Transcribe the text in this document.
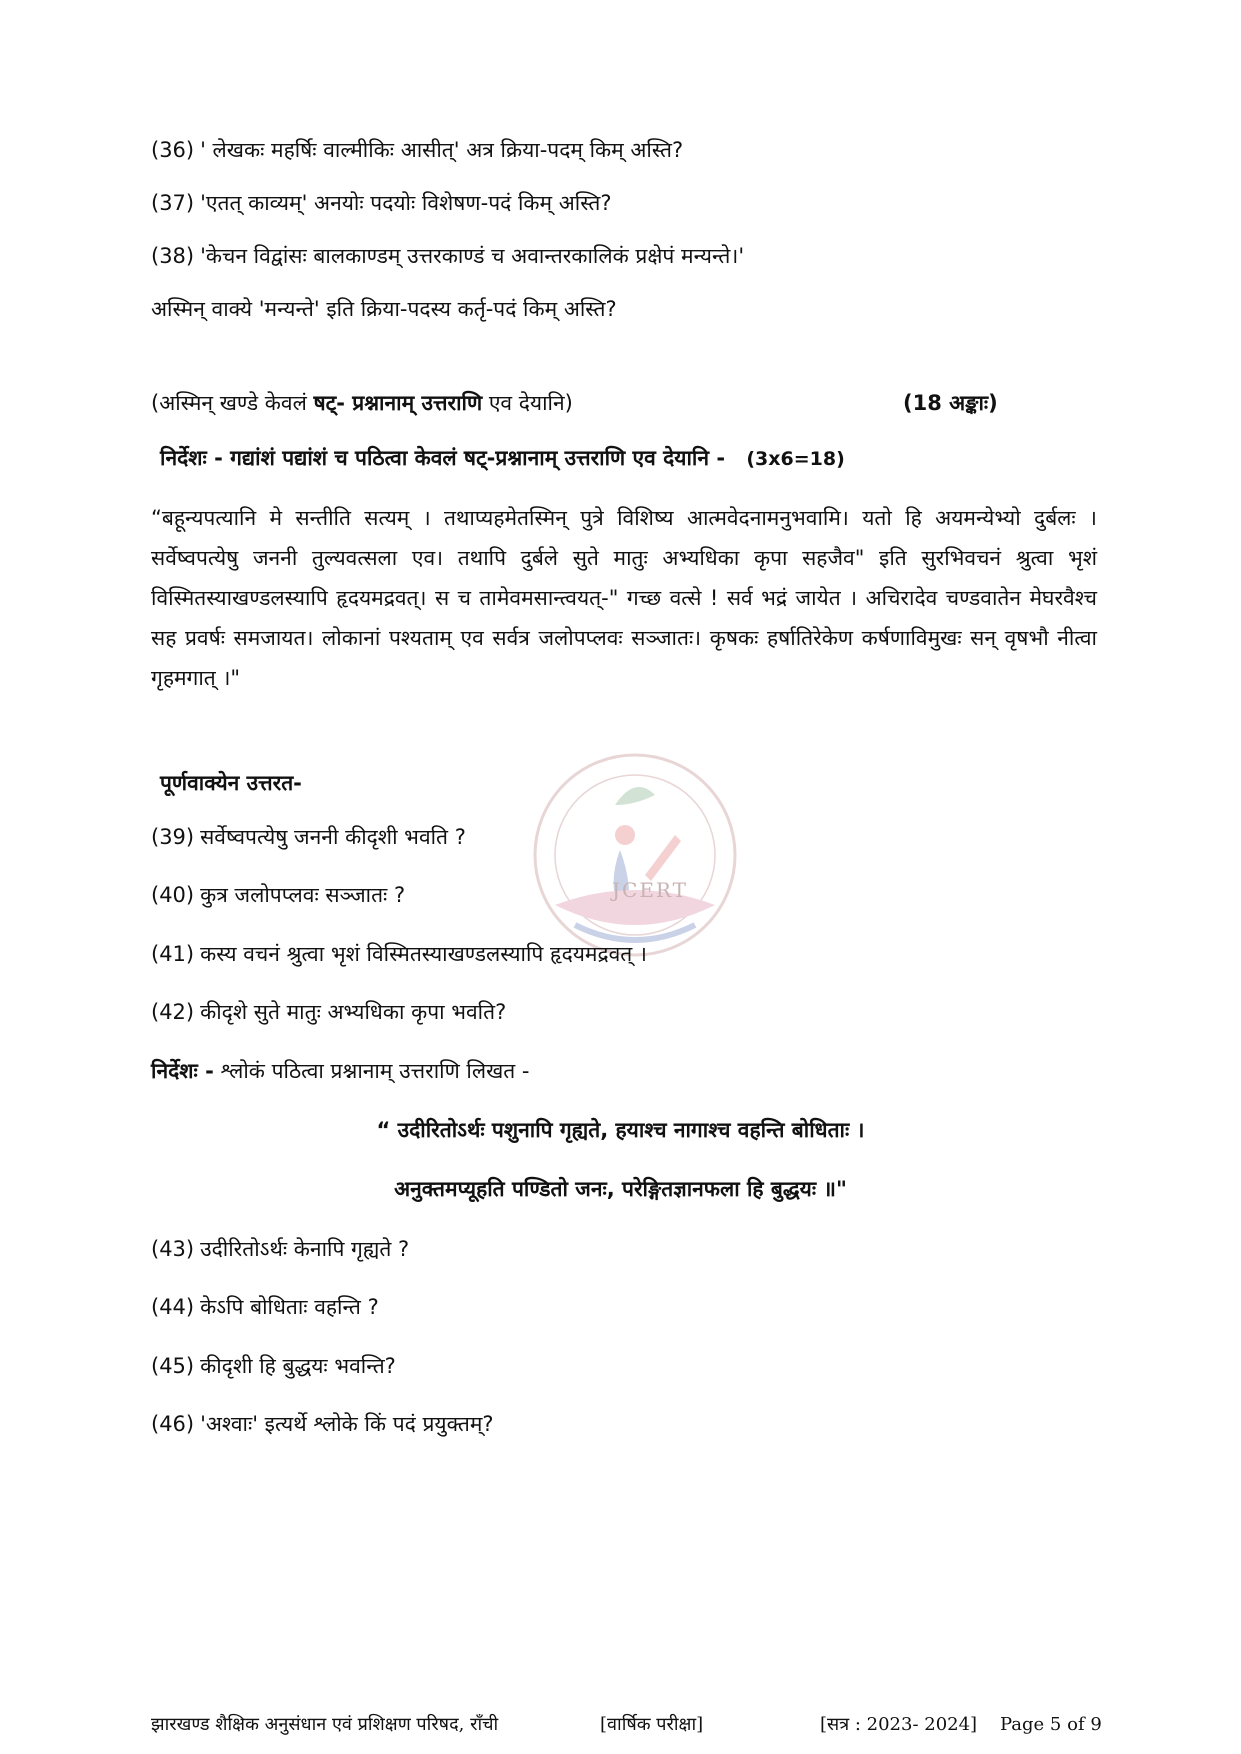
JCERT
(36) ' लेखकः महर्षिः वाल्मीकिः आसीत्' अत्र क्रिया-पदम् किम् अस्ति?
(37) 'एतत् काव्यम्' अनयोः पदयोः विशेषण-पदं किम् अस्ति?
(38) 'केचन विद्वांसः बालकाण्डम् उत्तरकाण्डं च अवान्तरकालिकं प्रक्षेपं मन्यन्ते।'
अस्मिन् वाक्ये 'मन्यन्ते' इति क्रिया-पदस्य कर्तृ-पदं किम् अस्ति?
(अस्मिन् खण्डे केवलं षट्- प्रश्नानाम् उत्तराणि एव देयानि)	(18 अङ्काः)
निर्देशः - गद्यांशं पद्यांशं च पठित्वा केवलं षट्-प्रश्नानाम् उत्तराणि एव देयानि - (3x6=18)
“बहून्यपत्यानि मे सन्तीति सत्यम् । तथाप्यहमेतस्मिन् पुत्रे विशिष्य आत्मवेदनामनुभवामि। यतो हि अयमन्येभ्यो दुर्बलः । सर्वेष्वपत्येषु जननी तुल्यवत्सला एव। तथापि दुर्बले सुते मातुः अभ्यधिका कृपा सहजैव" इति सुरभिवचनं श्रुत्वा भृशं विस्मितस्याखण्डलस्यापि हृदयमद्रवत्। स च तामेवमसान्त्वयत्-" गच्छ वत्से ! सर्व भद्रं जायेत । अचिरादेव चण्डवातेन मेघरवैश्च सह प्रवर्षः समजायत। लोकानां पश्यताम् एव सर्वत्र जलोपप्लवः सञ्जातः। कृषकः हर्षातिरेकेण कर्षणाविमुखः सन् वृषभौ नीत्वा गृहमगात् ।"
पूर्णवाक्येन उत्तरत-
(39) सर्वेष्वपत्येषु जननी कीदृशी भवति ?
(40) कुत्र जलोपप्लवः सञ्जातः ?
(41) कस्य वचनं श्रुत्वा भृशं विस्मितस्याखण्डलस्यापि हृदयमद्रवत् ।
(42) कीदृशे सुते मातुः अभ्यधिका कृपा भवति?
निर्देशः - श्लोकं पठित्वा प्रश्नानाम् उत्तराणि लिखत -
“ उदीरितोऽर्थः पशुनापि गृह्यते, हयाश्च नागाश्च वहन्ति बोधिताः ।
अनुक्तमप्यूहति पण्डितो जनः, परेङ्गितज्ञानफला हि बुद्धयः ॥"
(43) उदीरितोऽर्थः केनापि गृह्यते ?
(44) केऽपि बोधिताः वहन्ति ?
(45) कीदृशी हि बुद्धयः भवन्ति?
(46) 'अश्वाः' इत्यर्थे श्लोके किं पदं प्रयुक्तम्?
झारखण्ड शैक्षिक अनुसंधान एवं प्रशिक्षण परिषद, राँची	[वार्षिक परीक्षा]	[सत्र : 2023- 2024] Page 5 of 9
